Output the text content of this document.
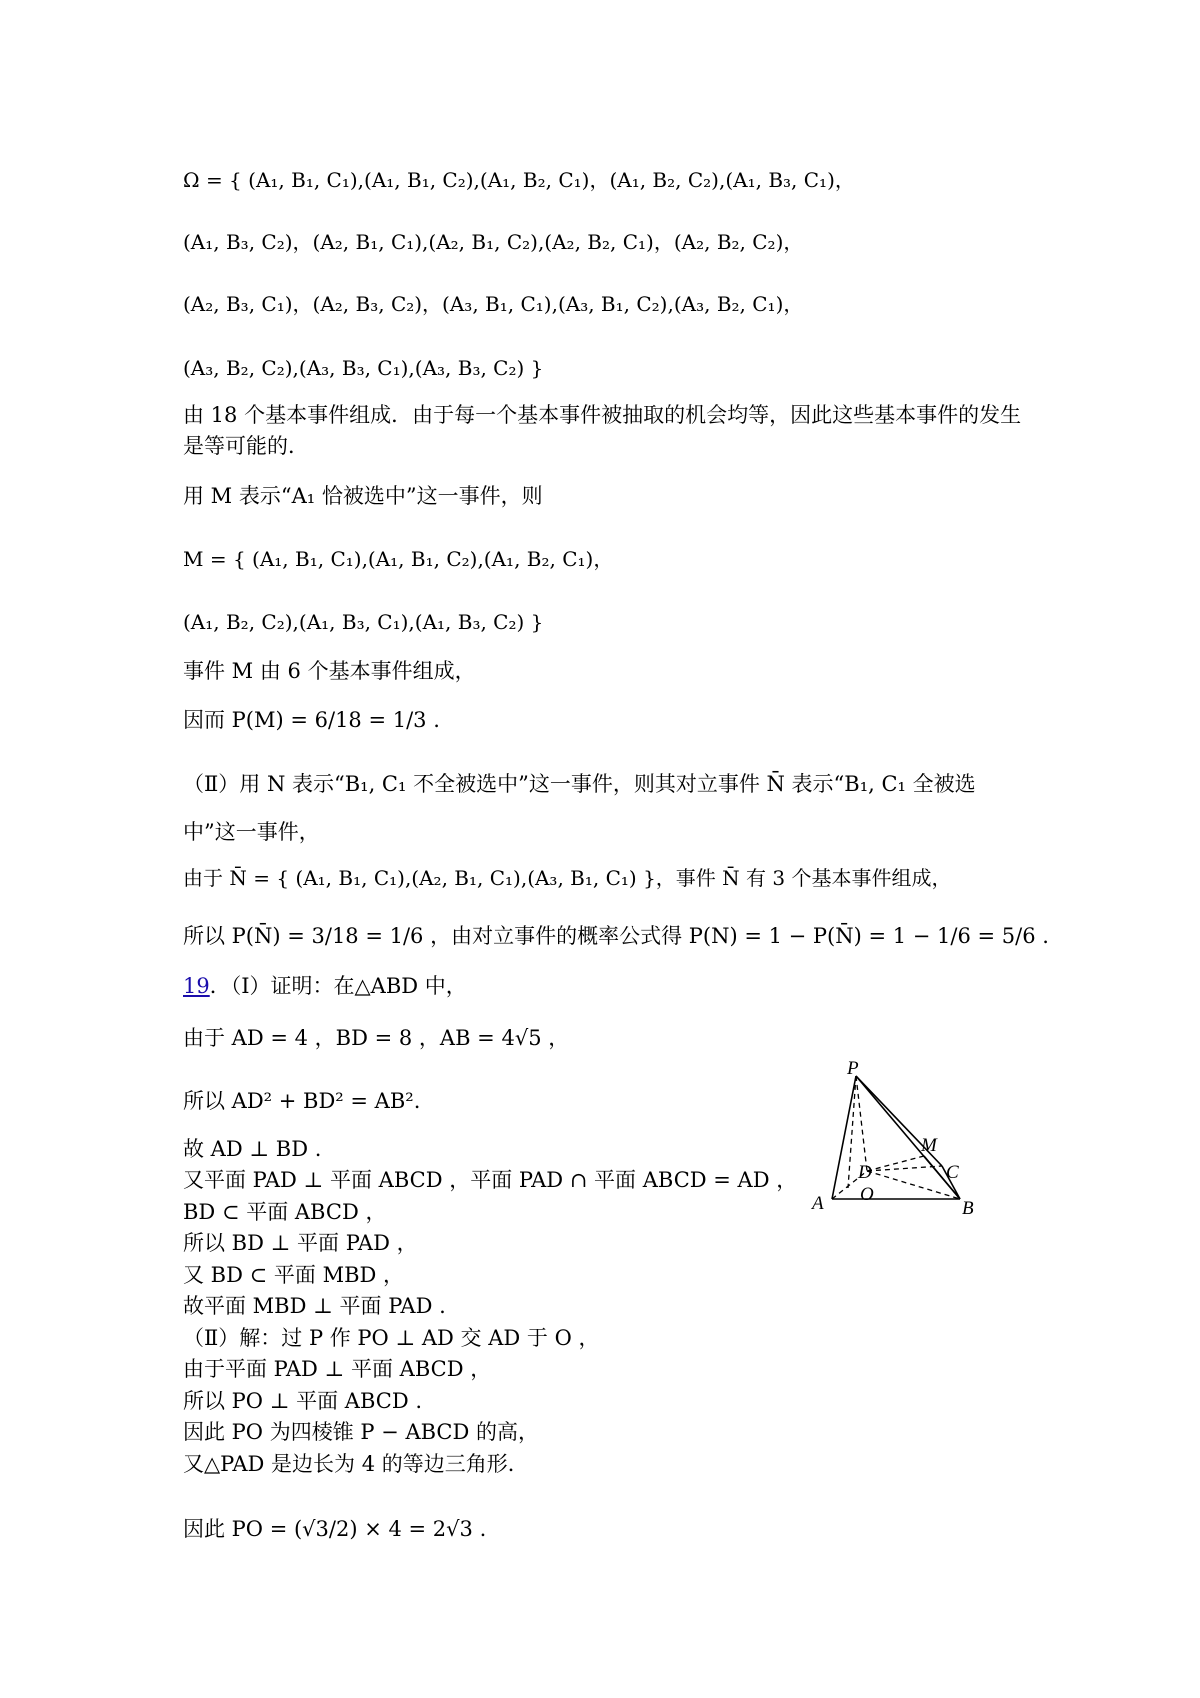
Ω = { (A₁, B₁, C₁),(A₁, B₁, C₂),(A₁, B₂, C₁)，(A₁, B₂, C₂),(A₁, B₃, C₁)，
(A₁, B₃, C₂)，(A₂, B₁, C₁),(A₂, B₁, C₂),(A₂, B₂, C₁)，(A₂, B₂, C₂)，
(A₂, B₃, C₁)，(A₂, B₃, C₂)，(A₃, B₁, C₁),(A₃, B₁, C₂),(A₃, B₂, C₁)，
(A₃, B₂, C₂),(A₃, B₃, C₁),(A₃, B₃, C₂) }
由 18 个基本事件组成．由于每一个基本事件被抽取的机会均等，因此这些基本事件的发生
是等可能的．
用 M 表示“A₁ 恰被选中”这一事件，则
M = { (A₁, B₁, C₁),(A₁, B₁, C₂),(A₁, B₂, C₁)，
(A₁, B₂, C₂),(A₁, B₃, C₁),(A₁, B₃, C₂) }
事件 M 由 6 个基本事件组成，
因而 P(M) = 6/18 = 1/3 .
（Ⅱ）用 N 表示“B₁, C₁ 不全被选中”这一事件，则其对立事件 N̄ 表示“B₁, C₁ 全被选
中”这一事件，
由于 N̄ = { (A₁, B₁, C₁),(A₂, B₁, C₁),(A₃, B₁, C₁) }，事件 N̄ 有 3 个基本事件组成，
所以 P(N̄) = 3/18 = 1/6 ，由对立事件的概率公式得 P(N) = 1 − P(N̄) = 1 − 1/6 = 5/6 .
19．（Ⅰ）证明：在△ABD 中，
由于 AD = 4 ，BD = 8 ，AB = 4√5 ，
所以 AD² + BD² = AB².
故 AD ⊥ BD .
又平面 PAD ⊥ 平面 ABCD ，平面 PAD ∩ 平面 ABCD = AD ，
BD ⊂ 平面 ABCD ，
所以 BD ⊥ 平面 PAD ，
又 BD ⊂ 平面 MBD ，
故平面 MBD ⊥ 平面 PAD .
（Ⅱ）解：过 P 作 PO ⊥ AD 交 AD 于 O ，
由于平面 PAD ⊥ 平面 ABCD ，
所以 PO ⊥ 平面 ABCD .
因此 PO 为四棱锥 P − ABCD 的高，
又△PAD 是边长为 4 的等边三角形．
因此 PO = (√3/2) × 4 = 2√3 .
P
M
D	C
O
A	B
